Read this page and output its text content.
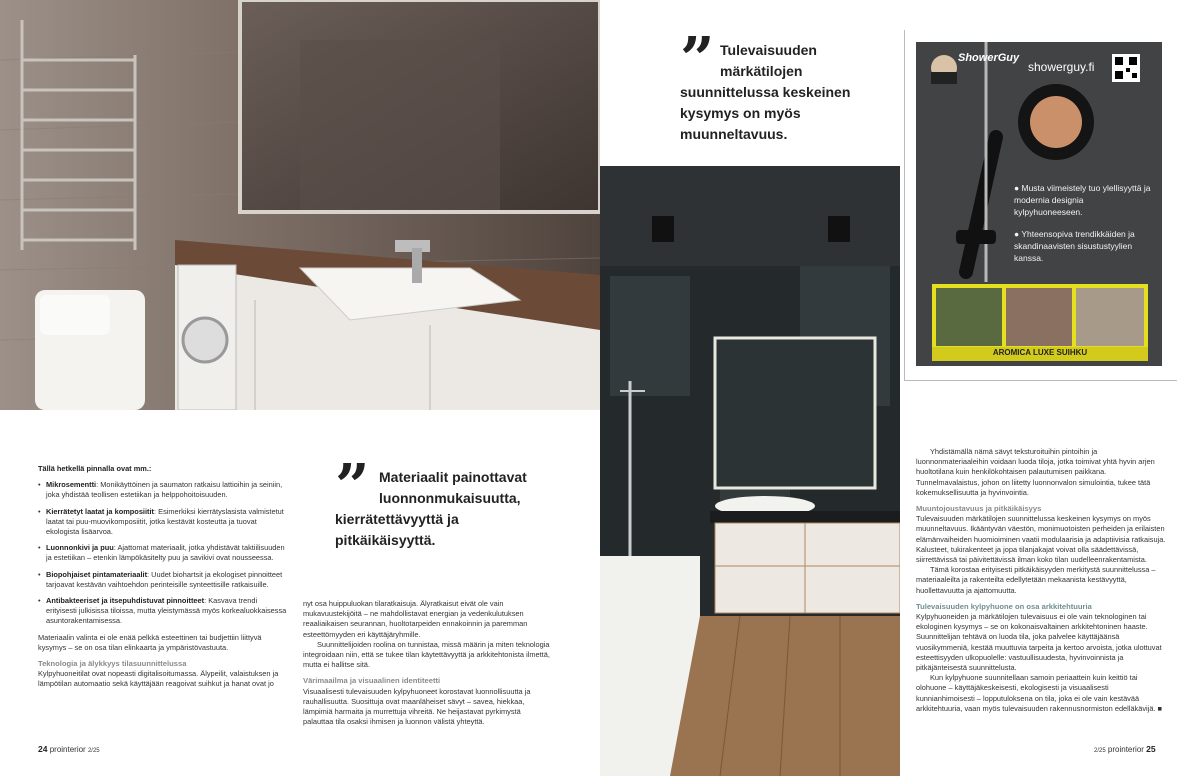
” Tulevaisuuden
märkätilojen
suunnittelussa keskeinen
kysymys on myös
muunneltavuus.
ShowerGuy
showerguy.fi
● Musta viimeistely tuo ylellisyyttä ja modernia designia kylpyhuoneeseen.
● Yhteensopiva trendikkäiden ja skandinaavisten sisustustyylien kanssa.
AROMICA LUXE SUIHKU
” Materiaalit painottavat
luonnonmukaisuutta,
kierrätettävyyttä ja
pitkäikäisyyttä.

Tällä hetkellä pinnalla ovat mm.:

• Mikrosementti: Monikäyttöinen ja saumaton ratkaisu lattioihin ja seiniin, joka yhdistää teollisen estetiikan ja helppohoitoisuuden.
• Kierrätetyt laatat ja komposiitit: Esimerkiksi kierrätyslasista valmistetut laatat tai puu-muovikomposiitit, jotka kestävät kosteutta ja tuovat ekologista lisäarvoa.
• Luonnonkivi ja puu: Ajattomat materiaalit, jotka yhdistävät taktiilisuuden ja estetiikan – etenkin lämpökäsitelty puu ja savikivi ovat nousseessa.
• Biopohjaiset pintamateriaalit: Uudet biohartsit ja ekologiset pinnoitteet tarjoavat kestävän vaihtoehdon perinteisille synteettisille ratkaisuille.
• Antibakteeriset ja itsepuhdistuvat pinnoitteet: Kasvava trendi erityisesti julkisissa tiloissa, mutta yleistymässä myös korkealuokkaisessa asuntorakentamisessa.

Materiaalin valinta ei ole enää pelkkä esteettinen tai budjettiin liittyvä kysymys – se on osa tilan elinkaarta ja ympäristövastuuta.

Teknologia ja älykkyys tilasuunnittelussa

Kylpyhuoneitilat ovat nopeasti digitalisoitumassa. Älypeilit, valaistuksen ja lämpötilan automaatio sekä käyttäjään reagoivat suihkut ja hanat ovat jo

nyt osa huippuluokan tilaratkaisuja. Älyratkaisut eivät ole vain mukavuustekijöitä – ne mahdollistavat energian ja vedenkulutuksen reaaliaikaisen seurannan, huoltotarpeiden ennakoinnin ja paremman esteettömyyden eri käyttäjäryhmille.

Suunnittelijoiden roolina on tunnistaa, missä määrin ja miten teknologia integroidaan niin, että se tukee tilan käytettävyyttä ja arkkitehtonista ilmettä, mutta ei hallitse sitä.

Värimaailma ja visuaalinen identiteetti

Visuaalisesti tulevaisuuden kylpyhuoneet korostavat luonnollisuutta ja rauhallisuutta. Suosittuja ovat maanläheiset sävyt – savea, hiekkaa, lämpimiä harmaita ja murrettuja vihreitä. Ne heijastavat pyrkimystä palauttaa tila osaksi ihmisen ja luonnon välistä yhteyttä.

Yhdistämällä nämä sävyt teksturoituihin pintoihin ja luonnonmateriaaleihin voidaan luoda tiloja, jotka toimivat yhtä hyvin arjen huoltotilana kuin henkilökohtaisen palautumisen paikkana. Tunnelmavalaistus, johon on liitetty luonnonvalon simulointia, tukee tätä kokemuksellisuutta ja hyvinvointia.

Muuntojoustavuus ja pitkäikäisyys

Tulevaisuuden märkätilojen suunnittelussa keskeinen kysymys on myös muunneltavuus. Ikääntyvän väestön, monimuotoisten perheiden ja erilaisten elämänvaiheiden huomioiminen vaatii modulaarisia ja adaptiivisia ratkaisuja. Kalusteet, tukirakenteet ja jopa tilanjakajat voivat olla säädettävissä, siirrettävissä tai päivitettävissä ilman koko tilan uudelleenrakentamista.

Tämä korostaa erityisesti pitkäikäisyyden merkitystä suunnittelussa – materiaaleilta ja rakenteilta edellytetään mekaanista kestävyyttä, huollettavuutta ja ajattomuutta.

Tulevaisuuden kylpyhuone on osa arkkitehtuuria

Kylpyhuoneiden ja märkätilojen tulevaisuus ei ole vain teknologinen tai ekologinen kysymys – se on kokonaisvaltainen arkkitehtoninen haaste. Suunnittelijan tehtävä on luoda tila, joka palvelee käyttäjäänsä vuosikymmeniä, kestää muuttuvia tarpeita ja kertoo arvoista, jotka ulottuvat esteettisyyden ulkopuolelle: vastuullisuudesta, hyvinvoinnista ja pitkäjänteisestä suunnittelusta.

Kun kylpyhuone suunnitellaan samoin periaattein kuin keittiö tai olohuone – käyttäjäkeskeisesti, ekologisesti ja visuaalisesti kunnianhimoisesti – lopputuloksena on tila, joka ei ole vain kestävää arkkitehtuuria, vaan myös tulevaisuuden rakennusnormiston edelläkävijä. ■

24 prointerior 2/25	2/25 prointerior 25
